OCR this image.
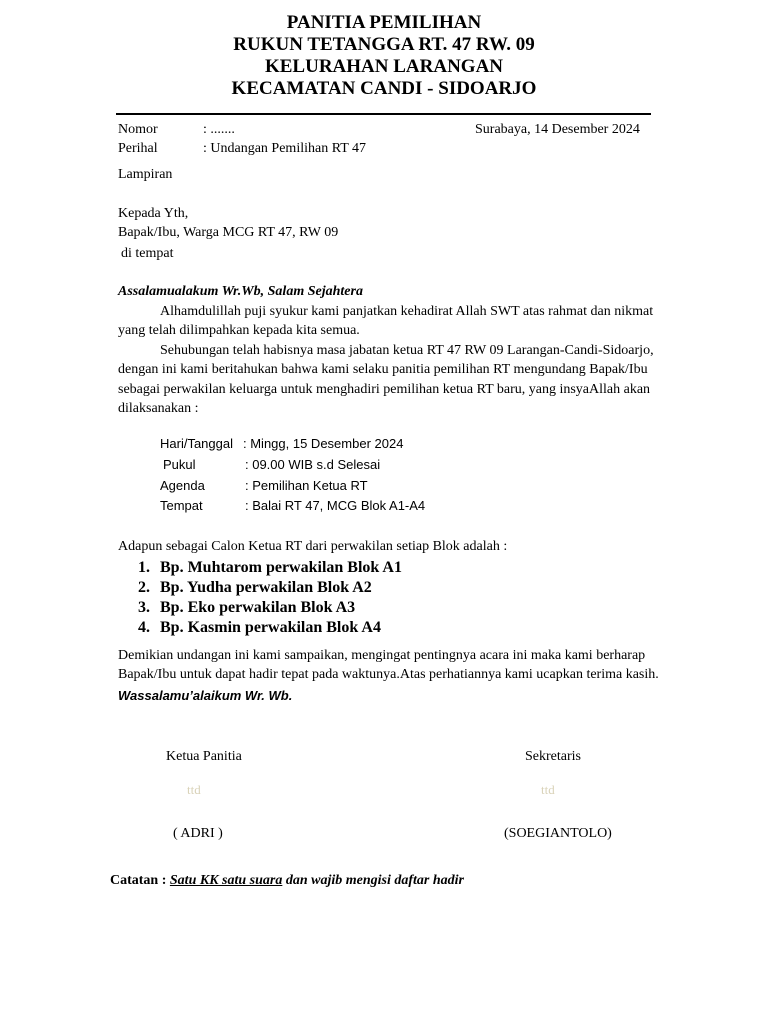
PANITIA PEMILIHAN
RUKUN TETANGGA RT. 47 RW. 09
KELURAHAN LARANGAN
KECAMATAN CANDI - SIDOARJO
Nomor	: .......	Surabaya, 14 Desember 2024
Perihal	: Undangan Pemilihan RT 47
Lampiran
Kepada Yth,
Bapak/Ibu, Warga MCG RT 47, RW 09
di tempat
Assalamualakum Wr.Wb, Salam Sejahtera
Alhamdulillah puji syukur kami panjatkan kehadirat Allah SWT atas rahmat dan nikmat
yang telah dilimpahkan kepada kita semua.
Sehubungan telah habisnya masa jabatan ketua RT 47 RW 09 Larangan-Candi-Sidoarjo,
dengan ini kami beritahukan bahwa kami selaku panitia pemilihan RT mengundang Bapak/Ibu
sebagai perwakilan keluarga untuk menghadiri pemilihan ketua RT baru, yang insyaAllah akan
dilaksanakan :
Hari/Tanggal : Mingg, 15 Desember 2024
Pukul	: 09.00 WIB s.d Selesai
Agenda	: Pemilihan Ketua RT
Tempat	: Balai RT 47, MCG Blok A1-A4
Adapun sebagai Calon Ketua RT dari perwakilan setiap Blok adalah :
1. Bp. Muhtarom perwakilan Blok A1
2. Bp. Yudha perwakilan Blok A2
3. Bp. Eko perwakilan Blok A3
4. Bp. Kasmin perwakilan Blok A4
Demikian undangan ini kami sampaikan, mengingat pentingnya acara ini maka kami berharap
Bapak/Ibu untuk dapat hadir tepat pada waktunya.Atas perhatiannya kami ucapkan terima kasih.
Wassalamu’alaikum Wr. Wb.
Ketua Panitia
ttd
( ADRI )
Sekretaris
ttd
(SOEGIANTOLO)
Catatan : Satu KK satu suara dan wajib mengisi daftar hadir
